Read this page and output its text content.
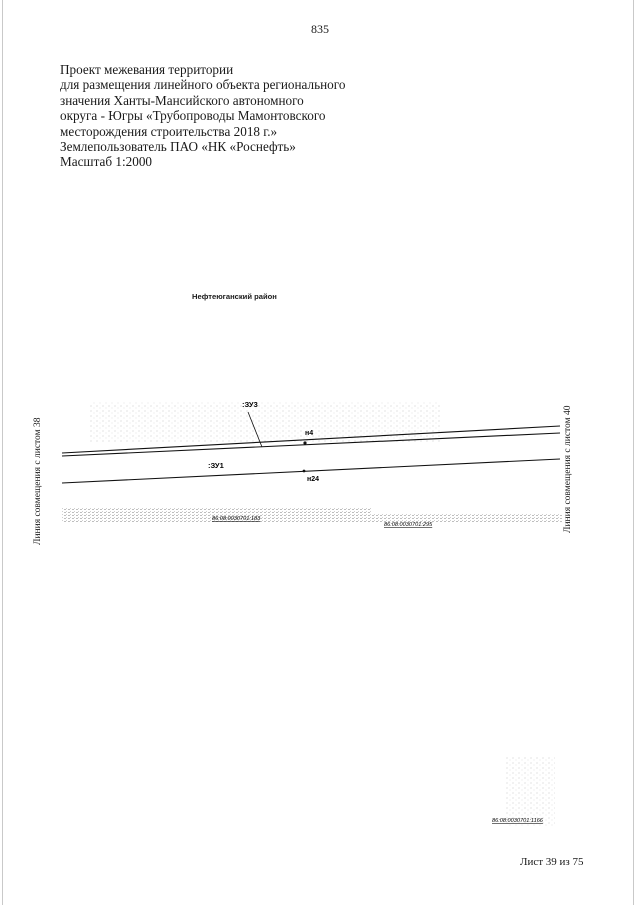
835
Проект межевания территории
для размещения линейного объекта регионального
значения Ханты-Мансийского автономного
округа - Югры «Трубопроводы Мамонтовского
месторождения строительства 2018 г.»
Землепользователь ПАО «НК «Роснефть»
Масштаб 1:2000
Нефтеюганский район
:ЗУ3
:ЗУ1
н4
н24
86:08:0030701:183
86:08:0030701:295
86:08:0030701:1166
Линия совмещения с листом 38	Линия совмещения с листом 40
Лист 39 из 75
